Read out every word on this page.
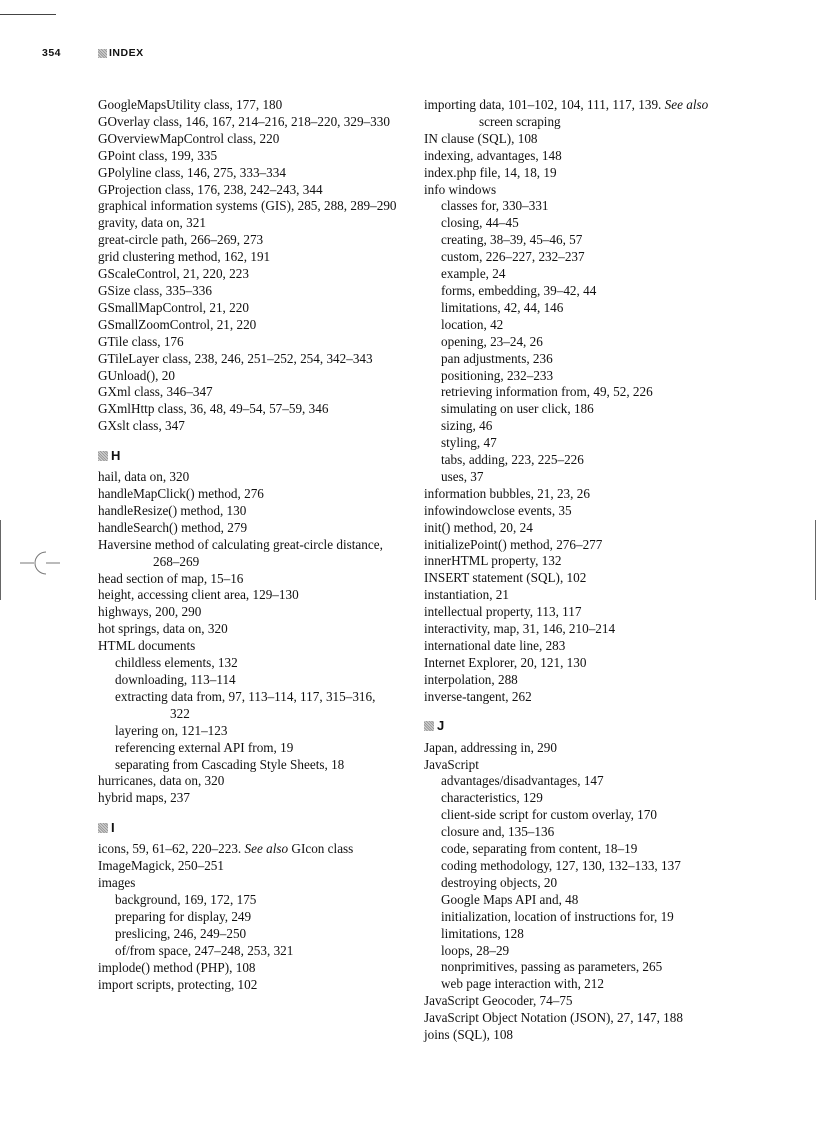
354	INDEX
GoogleMapsUtility class, 177, 180
GOverlay class, 146, 167, 214–216, 218–220, 329–330
GOverviewMapControl class, 220
GPoint class, 199, 335
GPolyline class, 146, 275, 333–334
GProjection class, 176, 238, 242–243, 344
graphical information systems (GIS), 285, 288, 289–290
gravity, data on, 321
great-circle path, 266–269, 273
grid clustering method, 162, 191
GScaleControl, 21, 220, 223
GSize class, 335–336
GSmallMapControl, 21, 220
GSmallZoomControl, 21, 220
GTile class, 176
GTileLayer class, 238, 246, 251–252, 254, 342–343
GUnload(), 20
GXml class, 346–347
GXmlHttp class, 36, 48, 49–54, 57–59, 346
GXslt class, 347
H
hail, data on, 320
handleMapClick() method, 276
handleResize() method, 130
handleSearch() method, 279
Haversine method of calculating great-circle distance, 268–269
head section of map, 15–16
height, accessing client area, 129–130
highways, 200, 290
hot springs, data on, 320
HTML documents
childless elements, 132
downloading, 113–114
extracting data from, 97, 113–114, 117, 315–316, 322
layering on, 121–123
referencing external API from, 19
separating from Cascading Style Sheets, 18
hurricanes, data on, 320
hybrid maps, 237
I
icons, 59, 61–62, 220–223. See also GIcon class
ImageMagick, 250–251
images
background, 169, 172, 175
preparing for display, 249
preslicing, 246, 249–250
of/from space, 247–248, 253, 321
implode() method (PHP), 108
import scripts, protecting, 102
importing data, 101–102, 104, 111, 117, 139. See also screen scraping
IN clause (SQL), 108
indexing, advantages, 148
index.php file, 14, 18, 19
info windows
classes for, 330–331
closing, 44–45
creating, 38–39, 45–46, 57
custom, 226–227, 232–237
example, 24
forms, embedding, 39–42, 44
limitations, 42, 44, 146
location, 42
opening, 23–24, 26
pan adjustments, 236
positioning, 232–233
retrieving information from, 49, 52, 226
simulating on user click, 186
sizing, 46
styling, 47
tabs, adding, 223, 225–226
uses, 37
information bubbles, 21, 23, 26
infowindowclose events, 35
init() method, 20, 24
initializePoint() method, 276–277
innerHTML property, 132
INSERT statement (SQL), 102
instantiation, 21
intellectual property, 113, 117
interactivity, map, 31, 146, 210–214
international date line, 283
Internet Explorer, 20, 121, 130
interpolation, 288
inverse-tangent, 262
J
Japan, addressing in, 290
JavaScript
advantages/disadvantages, 147
characteristics, 129
client-side script for custom overlay, 170
closure and, 135–136
code, separating from content, 18–19
coding methodology, 127, 130, 132–133, 137
destroying objects, 20
Google Maps API and, 48
initialization, location of instructions for, 19
limitations, 128
loops, 28–29
nonprimitives, passing as parameters, 265
web page interaction with, 212
JavaScript Geocoder, 74–75
JavaScript Object Notation (JSON), 27, 147, 188
joins (SQL), 108
